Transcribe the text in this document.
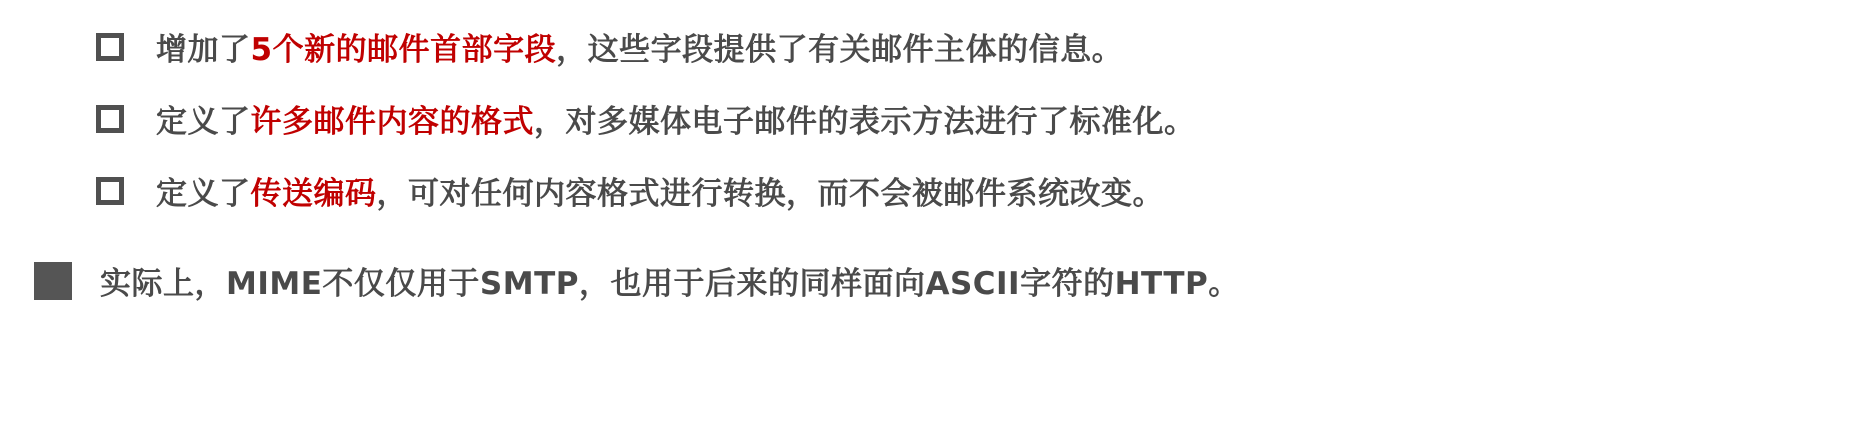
增加了 5个新的邮件首部字段 ，这些字段提供了有关邮件主体的信息。
定义了 许多邮件内容的格式 ，对多媒体电子邮件的表示方法进行了标准化。
定义了 传送编码 ，可对任何内容格式进行转换，而不会被邮件系统改变。
实际上，MIME不仅仅用于SMTP，也用于后来的同样面向ASCII字符的HTTP。
